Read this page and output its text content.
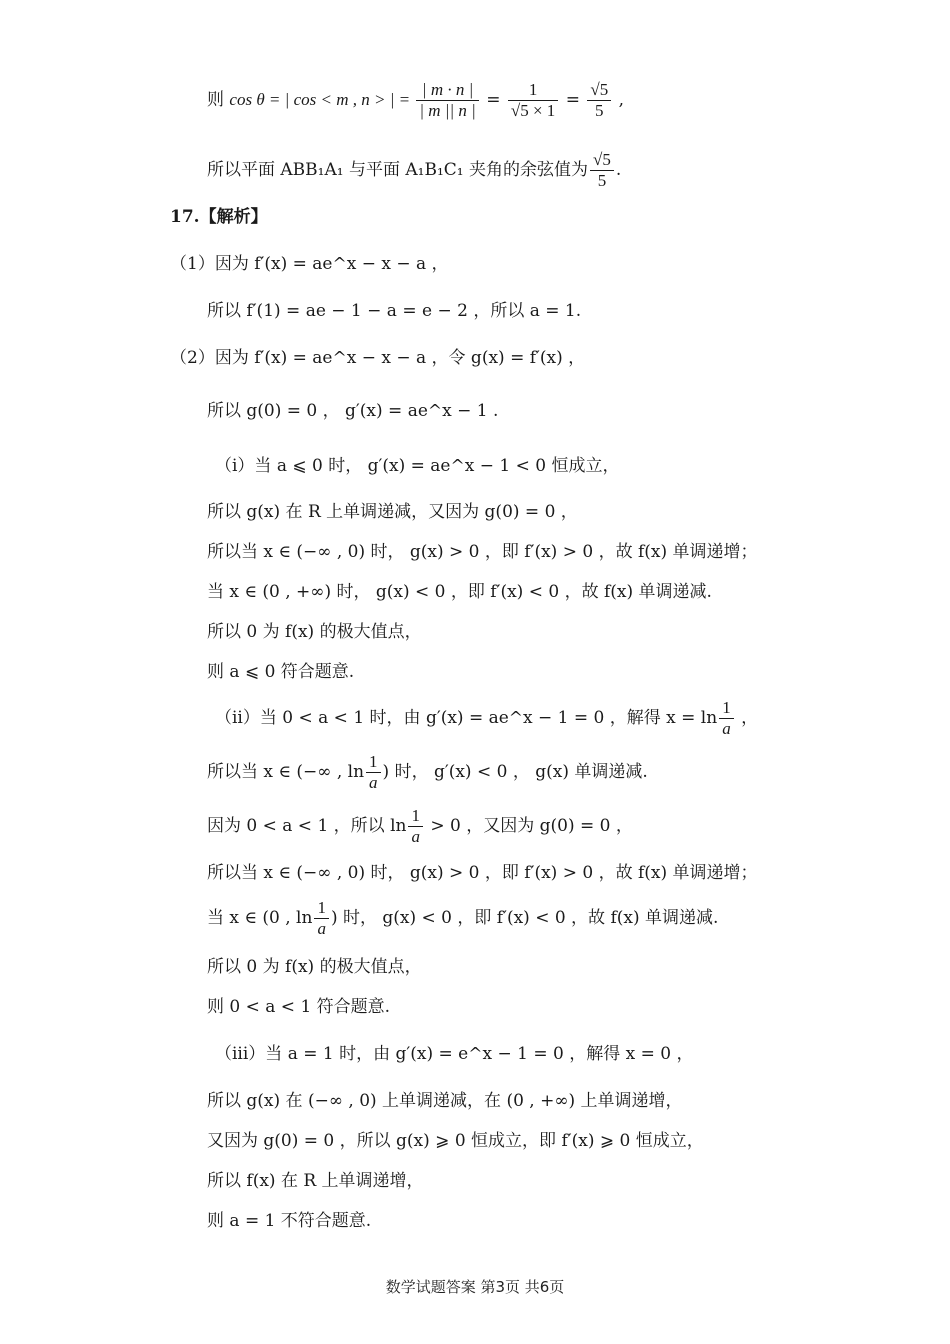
则 cos θ = | cos < m , n > | = $\frac{| m \cdot n |}{| m || n |} = \frac{1}{√5 \times 1} = \frac{√5}{5}$ ,
所以平面 ABB₁A₁ 与平面 A₁B₁C₁ 夹角的余弦值为 $\frac{√5}{5}$ .
17.【解析】
（1）因为 f′(x) = ae^x − x − a ，
所以 f′(1) = ae − 1 − a = e − 2 ，所以 a = 1.
（2）因为 f′(x) = ae^x − x − a ，令 g(x) = f′(x) ，
所以 g(0) = 0 ， g′(x) = ae^x − 1 .
（i）当 a ⩽ 0 时， g′(x) = ae^x − 1 < 0 恒成立，
所以 g(x) 在 R 上单调递减，又因为 g(0) = 0 ，
所以当 x ∈ (−∞ , 0) 时， g(x) > 0 ，即 f′(x) > 0 ，故 f(x) 单调递增；
当 x ∈ (0 , +∞) 时， g(x) < 0 ，即 f′(x) < 0 ，故 f(x) 单调递减.
所以 0 为 f(x) 的极大值点，
则 a ⩽ 0 符合题意.
（ii）当 0 < a < 1 时，由 g′(x) = ae^x − 1 = 0 ，解得 $x = \ln \frac{1}{a}$ ，
所以当 x ∈ (−∞ , $\ln \frac{1}{a}$ ) 时， g′(x) < 0 ， g(x) 单调递减.
因为 0 < a < 1 ，所以 $\ln \frac{1}{a} > 0$ ，又因为 g(0) = 0 ，
所以当 x ∈ (−∞ , 0) 时， g(x) > 0 ，即 f′(x) > 0 ，故 f(x) 单调递增；
当 x ∈ (0 , $\ln \frac{1}{a}$ ) 时， g(x) < 0 ，即 f′(x) < 0 ，故 f(x) 单调递减.
所以 0 为 f(x) 的极大值点，
则 0 < a < 1 符合题意.
（iii）当 a = 1 时，由 g′(x) = e^x − 1 = 0 ，解得 x = 0 ，
所以 g(x) 在 (−∞ , 0) 上单调递减，在 (0 , +∞) 上单调递增，
又因为 g(0) = 0 ，所以 g(x) ⩾ 0 恒成立，即 f′(x) ⩾ 0 恒成立，
所以 f(x) 在 R 上单调递增，
则 a = 1 不符合题意.
数学试题答案 第3页 共6页
